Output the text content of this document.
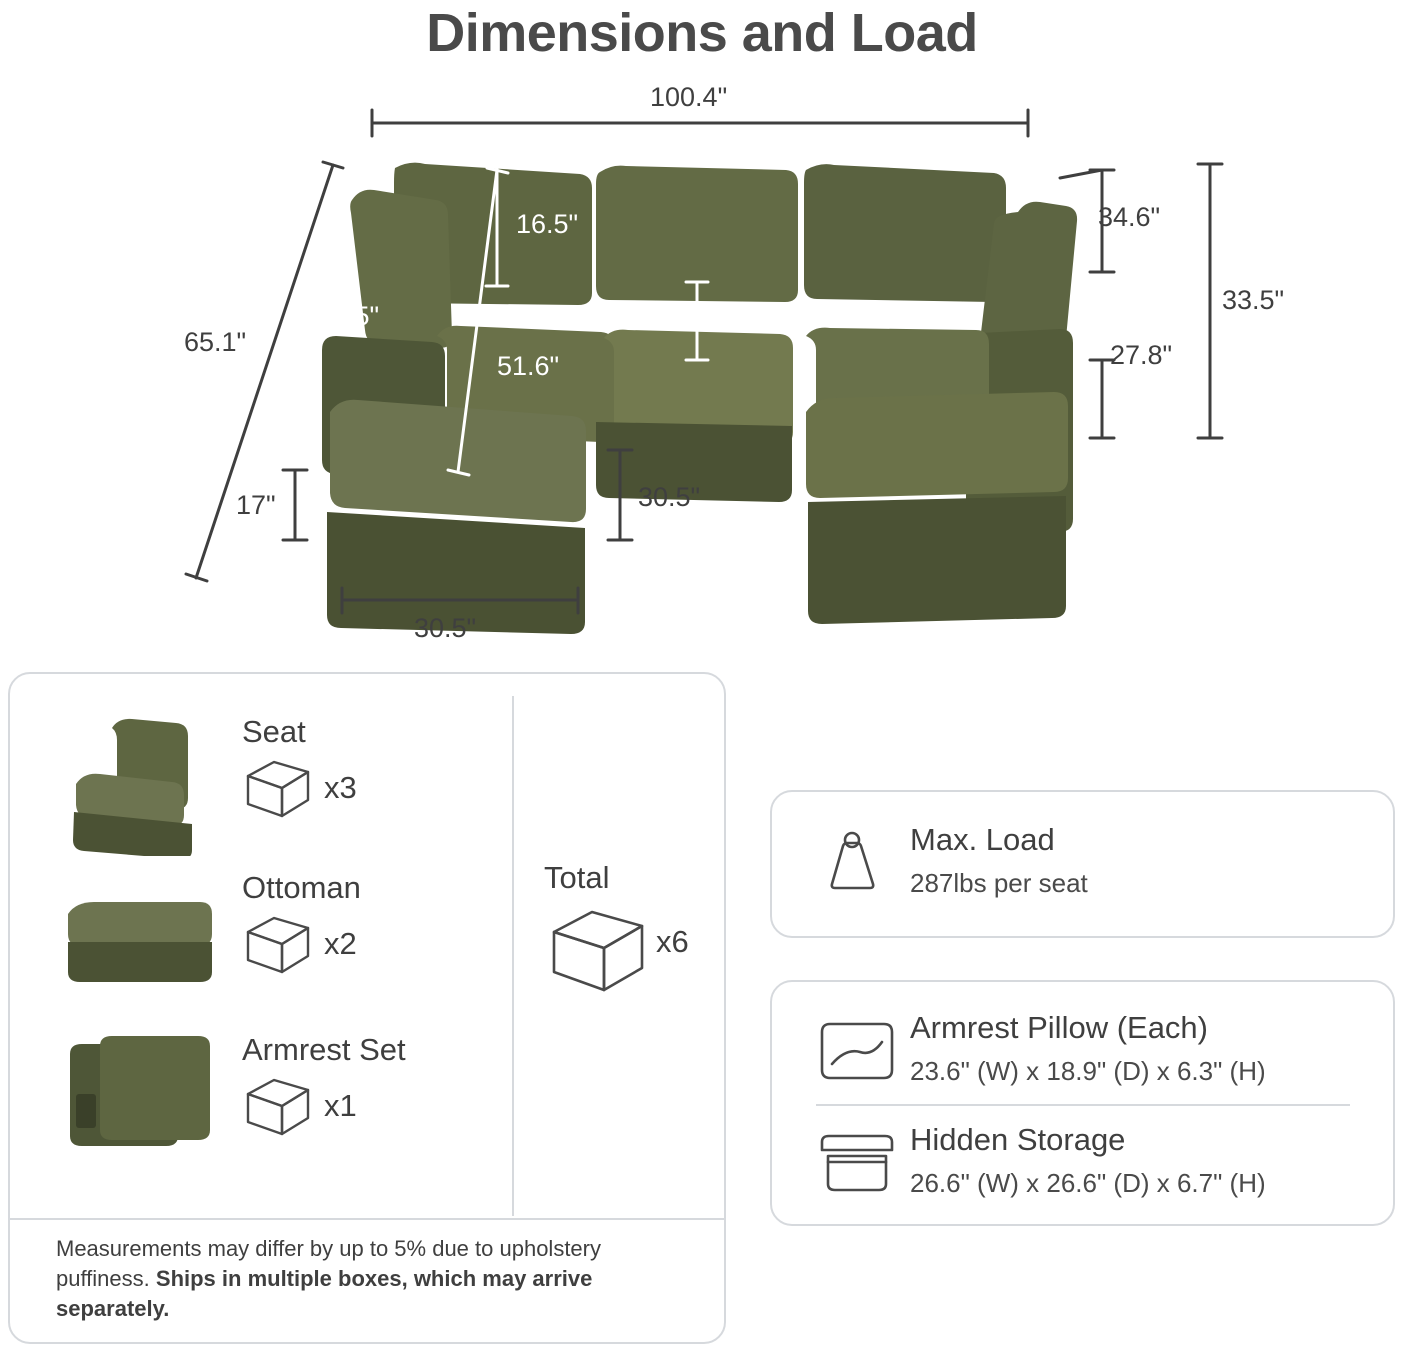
Dimensions and Load
100.4"
16.5"
3.5"
65.1"
51.6"
21.1"
34.6"
33.5"
27.8"
17"	30.5"
30.5"
Seat
x3
Ottoman
x2
Armrest Set
x1
Total
x6
Measurements may differ by up to 5% due to upholstery puffiness. Ships in multiple boxes, which may arrive separately.
Max. Load
287lbs per seat
Armrest Pillow (Each)
23.6" (W) x 18.9" (D) x 6.3" (H)
Hidden Storage
26.6" (W) x 26.6" (D) x 6.7" (H)
